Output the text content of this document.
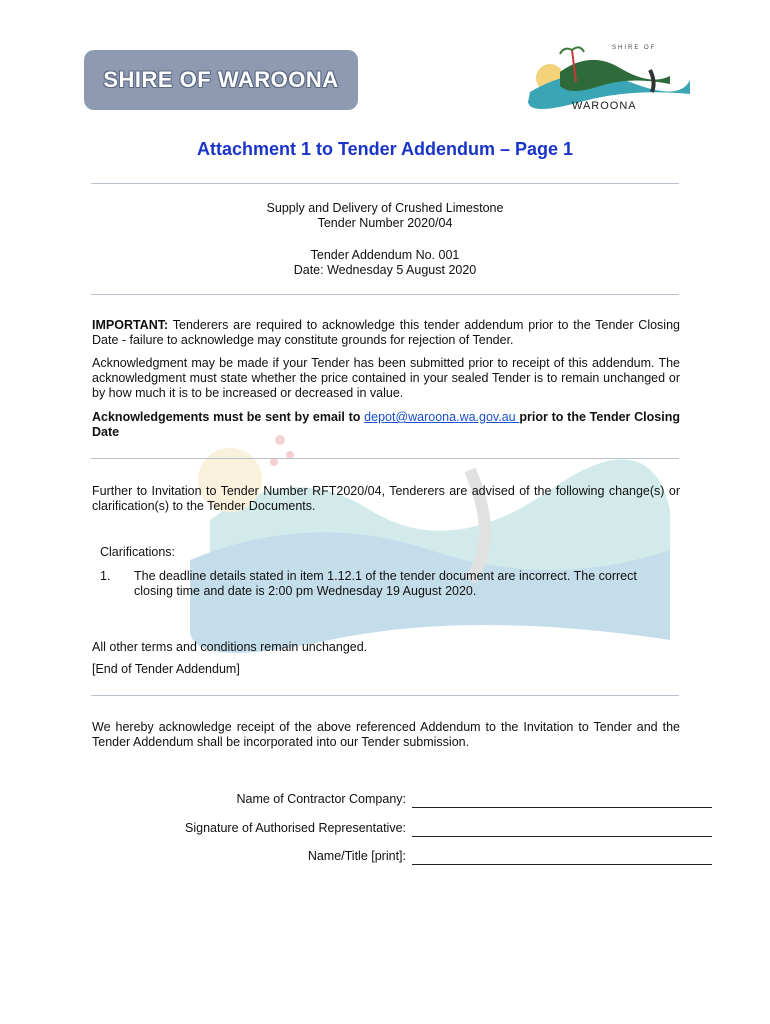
SHIRE OF WAROONA
SHIRE OF
WAROONA
Attachment 1 to Tender Addendum – Page 1
Supply and Delivery of Crushed Limestone
Tender Number 2020/04
Tender Addendum No. 001
Date: Wednesday 5 August 2020
IMPORTANT: Tenderers are required to acknowledge this tender addendum prior to the Tender Closing Date - failure to acknowledge may constitute grounds for rejection of Tender.
Acknowledgment may be made if your Tender has been submitted prior to receipt of this addendum. The acknowledgment must state whether the price contained in your sealed Tender is to remain unchanged or by how much it is to be increased or decreased in value.
Acknowledgements must be sent by email to depot@waroona.wa.gov.au prior to the Tender Closing Date
Further to Invitation to Tender Number RFT2020/04, Tenderers are advised of the following change(s) or clarification(s) to the Tender Documents.
Clarifications:
1. The deadline details stated in item 1.12.1 of the tender document are incorrect. The correct closing time and date is 2:00 pm Wednesday 19 August 2020.
All other terms and conditions remain unchanged.
[End of Tender Addendum]
We hereby acknowledge receipt of the above referenced Addendum to the Invitation to Tender and the Tender Addendum shall be incorporated into our Tender submission.
Name of Contractor Company:
Signature of Authorised Representative:
Name/Title [print]:
